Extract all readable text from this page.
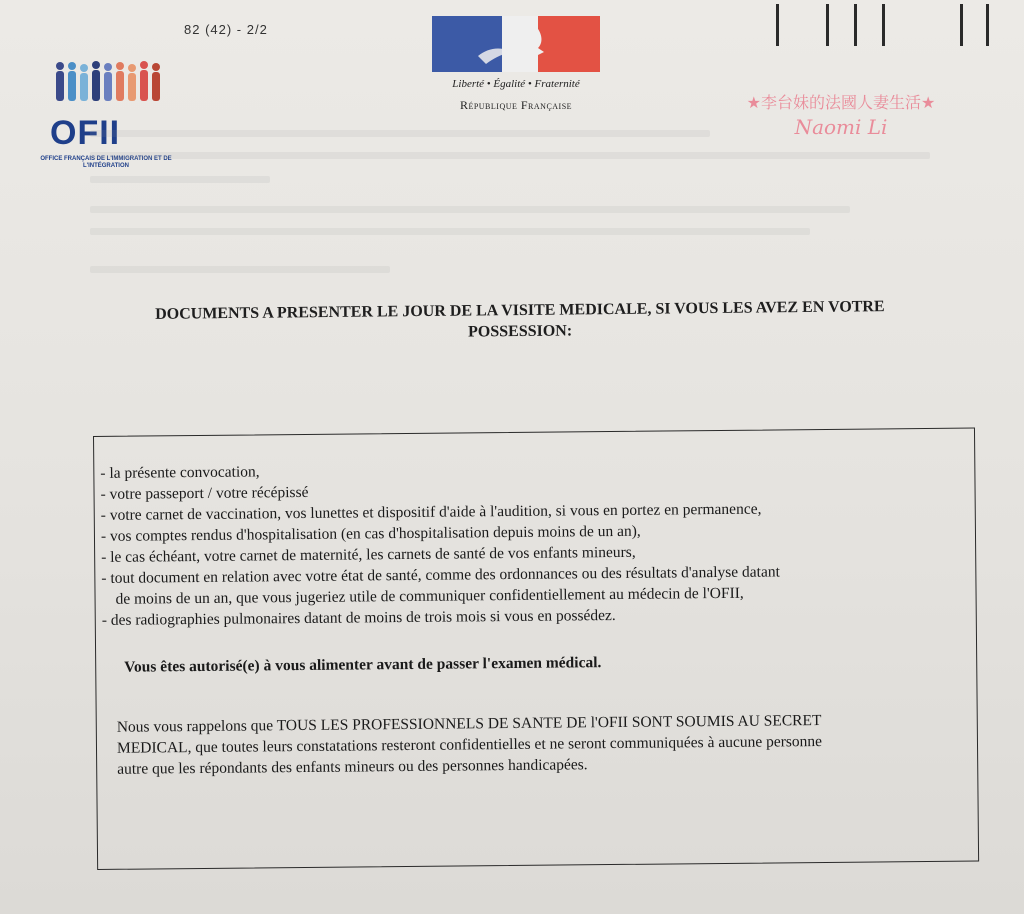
82 (42) - 2/2
OFII
OFFICE FRANÇAIS DE L'IMMIGRATION ET DE L'INTÉGRATION
Liberté • Égalité • Fraternité
République Française	★李台妹的法國人妻生活★
Naomi Li
DOCUMENTS A PRESENTER LE JOUR DE LA VISITE MEDICALE, SI VOUS LES AVEZ EN VOTRE
POSSESSION:
- la présente convocation,
- votre passeport / votre récépissé
- votre carnet de vaccination, vos lunettes et dispositif d'aide à l'audition, si vous en portez en permanence,
- vos comptes rendus d'hospitalisation (en cas d'hospitalisation depuis moins de un an),
- le cas échéant, votre carnet de maternité, les carnets de santé de vos enfants mineurs,
- tout document en relation avec votre état de santé, comme des ordonnances ou des résultats d'analyse datant
de moins de un an, que vous jugeriez utile de communiquer confidentiellement au médecin de l'OFII,
- des radiographies pulmonaires datant de moins de trois mois si vous en possédez.
Vous êtes autorisé(e) à vous alimenter avant de passer l'examen médical.
Nous vous rappelons que TOUS LES PROFESSIONNELS DE SANTE DE l'OFII SONT SOUMIS AU SECRET
MEDICAL, que toutes leurs constatations resteront confidentielles et ne seront communiquées à aucune personne
autre que les répondants des enfants mineurs ou des personnes handicapées.
